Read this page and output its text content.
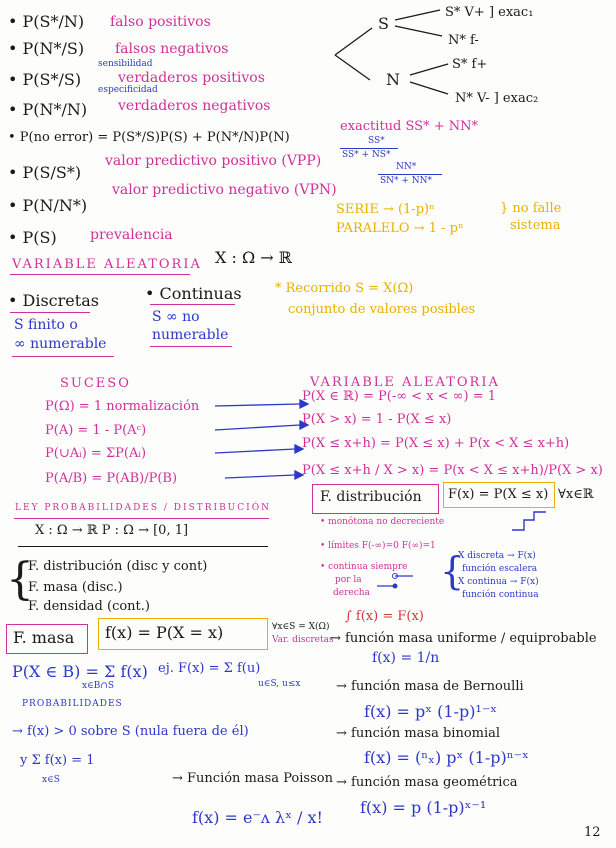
• P(S*/N) falso positivos
• P(N*/S) falsos negativos
sensibilidad
• P(S*/S)	verdaderos positivos
especificidad
• P(N*/N) verdaderos negativos
S
N
S* V+ ] exac₁
N* f-
S* f+
N* V- ] exac₂
• P(no error) = P(S*/S)P(S) + P(N*/N)P(N)
exactitud SS* + NN*
SS*
SS* + NS*
• P(S/S*)
valor predictivo positivo (VPP)	NN*
SN* + NN*
• P(N/N*)
valor predictivo negativo (VPN)
SERIE → (1-p)ⁿ
PARALELO → 1 - pⁿ
} no falle
sistema
• P(S) prevalencia
VARIABLE ALEATORIA X : Ω → ℝ
• Discretas
S finito o
∞ numerable
• Continuas
S ∞ no
numerable
* Recorrido S = X(Ω)
conjunto de valores posibles
SUCESO	VARIABLE ALEATORIA
P(Ω) = 1 normalización
P(A) = 1 - P(Aᶜ)
P(∪Aᵢ) = ΣP(Aᵢ)
P(A/B) = P(AB)/P(B)
P(X ∈ ℝ) = P(-∞ < x < ∞) = 1
P(X > x) = 1 - P(X ≤ x)
P(X ≤ x+h) = P(X ≤ x) + P(x < X ≤ x+h)
P(X ≤ x+h / X > x) = P(x < X ≤ x+h)/P(X > x)
LEY PROBABILIDADES / DISTRIBUCIÓN
X : Ω → ℝ P : Ω → [0, 1]
{
F. distribución (disc y cont)
F. masa (disc.)
F. densidad (cont.)
F. distribución F(x) = P(X ≤ x) ∀x∈ℝ
• monótona no decreciente
• límites F(-∞)=0 F(∞)=1
• continua siempre
por la
derecha {
X discreta → F(x)
función escalera
X continua → F(x)
función continua
F. masa f(x) = P(X = x)	∀x∈S = X(Ω)
Var. discretas
P(X ∈ B) = Σ f(x)
x∈B∩S
ej. F(x) = Σ f(u)
u∈S, u≤x
PROBABILIDADES
→ f(x) > 0 sobre S (nula fuera de él)
y Σ f(x) = 1
x∈S
∫ f(x) = F(x)
→ función masa uniforme / equiprobable
f(x) = 1/n
→ función masa de Bernoulli
f(x) = pˣ (1-p)¹⁻ˣ
→ función masa binomial
f(x) = (ⁿₓ) pˣ (1-p)ⁿ⁻ˣ
→ función masa geométrica
f(x) = p (1-p)ˣ⁻¹
→ Función masa Poisson
f(x) = e⁻ᴧ λˣ / x!
12
